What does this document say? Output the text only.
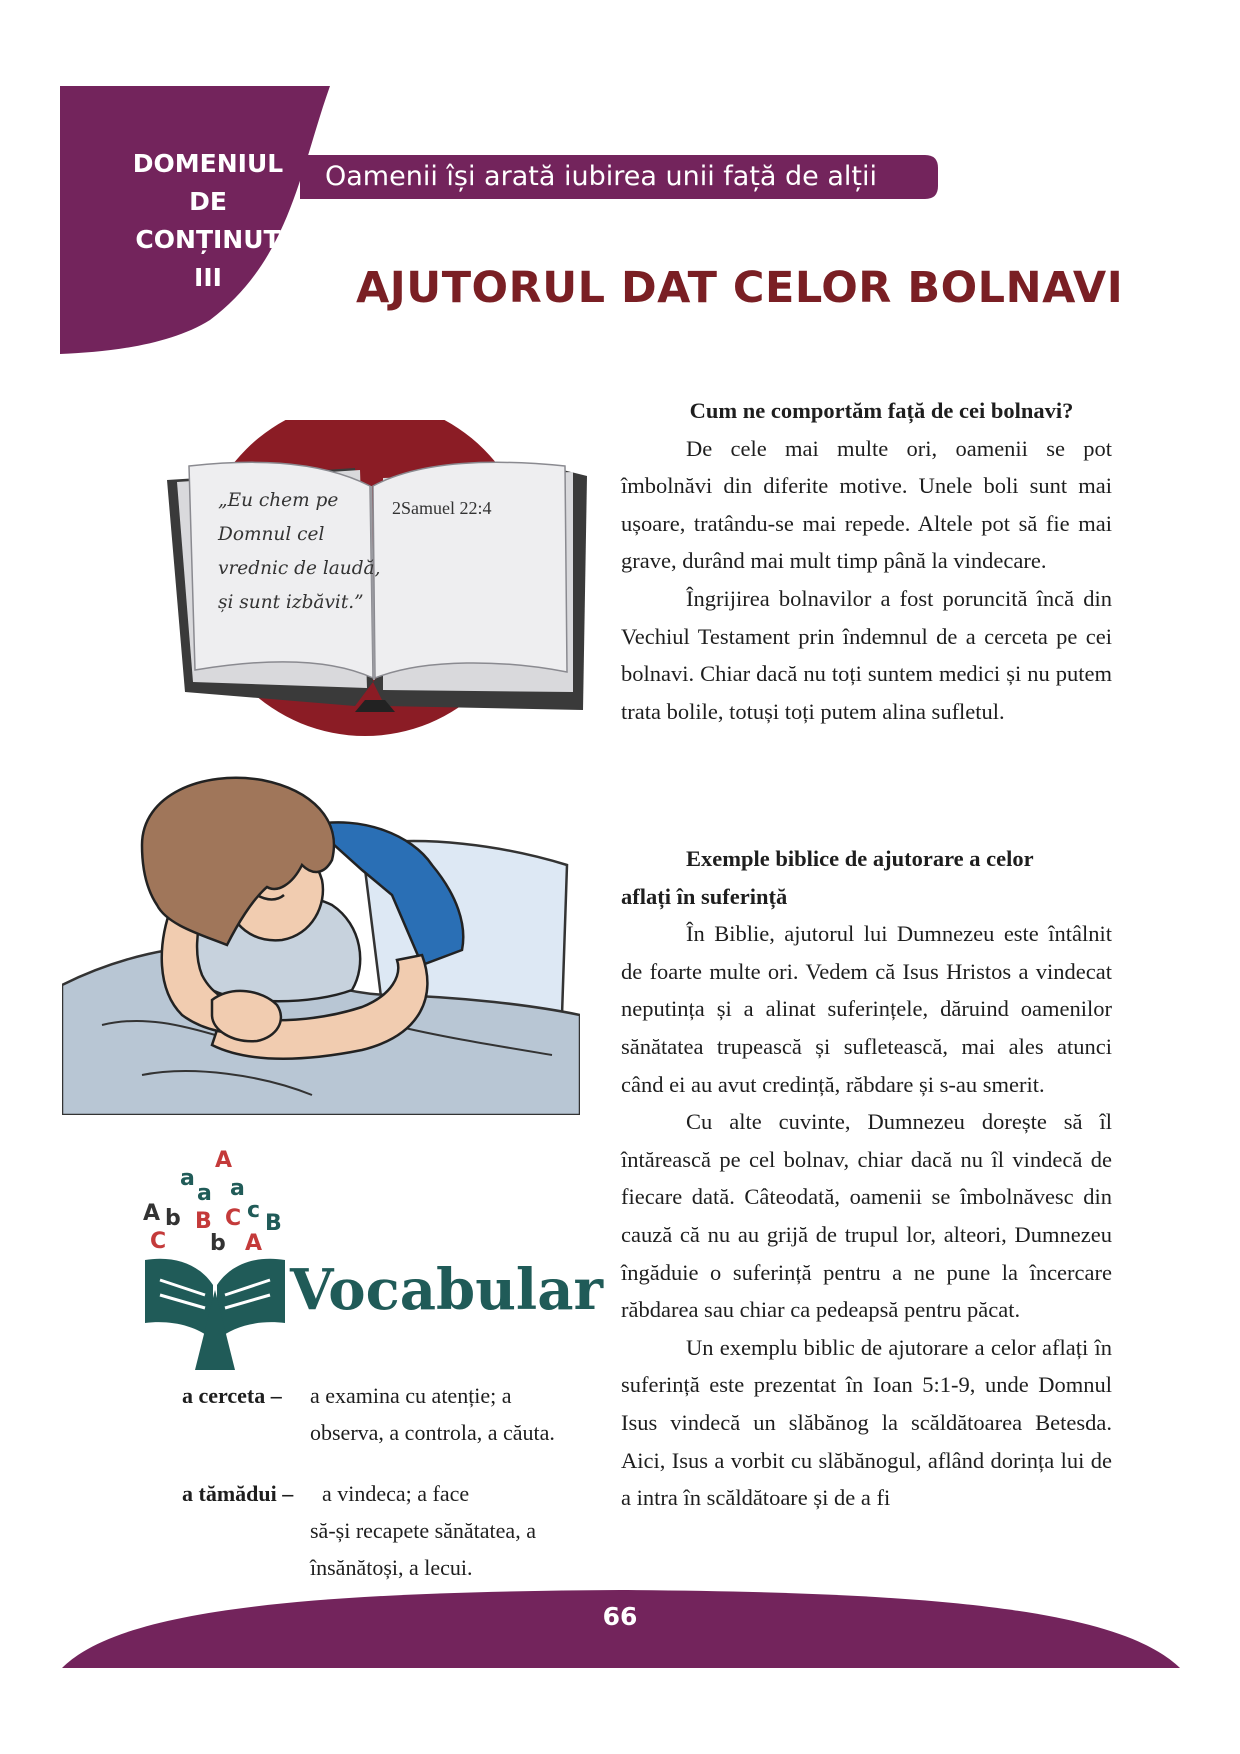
DOMENIUL
DE
CONȚINUT
III
Oamenii își arată iubirea unii față de alții
AJUTORUL DAT CELOR BOLNAVI
„Eu chem pe
Domnul cel
vrednic de laudă,
și sunt izbăvit.”
2Samuel 22:4
A
a
a a
A b B C c
B
C b A
Vocabular
a cerceta – a examina cu atenție; a
observa, a controla, a căuta.
a tămădui – a vindeca; a face
să-și recapete sănătatea, a
însănătoși, a lecui.

Cum ne comportăm față de cei bolnavi?

De cele mai multe ori, oamenii se pot îmbolnăvi din diferite motive. Unele boli sunt mai ușoare, tratându-se mai repede. Altele pot să fie mai grave, durând mai mult timp până la vindecare.

Îngrijirea bolnavilor a fost poruncită încă din Vechiul Testament prin îndemnul de a cerceta pe cei bolnavi. Chiar dacă nu toți suntem medici și nu putem trata bolile, totuși toți putem alina sufletul.

Exemple biblice de ajutorare a celor

aflați în suferință

În Biblie, ajutorul lui Dumnezeu este întâlnit de foarte multe ori. Vedem că Isus Hristos a vindecat neputința și a alinat suferințele, dăruind oamenilor sănătatea trupească și sufletească, mai ales atunci când ei au avut credință, răbdare și s-au smerit.

Cu alte cuvinte, Dumnezeu dorește să îl întărească pe cel bolnav, chiar dacă nu îl vindecă de fiecare dată. Câteodată, oamenii se îmbolnăvesc din cauză că nu au grijă de trupul lor, alteori, Dumnezeu îngăduie o suferință pentru a ne pune la încercare răbdarea sau chiar ca pedeapsă pentru păcat.

Un exemplu biblic de ajutorare a celor aflați în suferință este prezentat în Ioan 5:1-9, unde Domnul Isus vindecă un slăbănog la scăldătoarea Betesda. Aici, Isus a vorbit cu slăbănogul, aflând dorința lui de a intra în scăldătoare și de a fi

66
